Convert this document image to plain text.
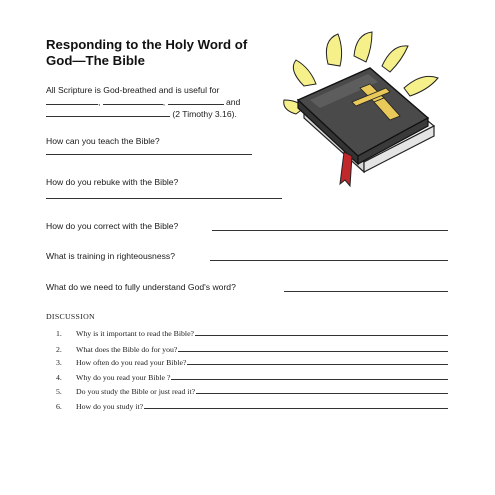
Responding to the Holy Word of God—The Bible
All Scripture is God-breathed and is useful for
,	,	and
(2 Timothy 3.16).
How can you teach the Bible?
How do you rebuke with the Bible?
How do you correct with the Bible?
What is training in righteousness?
What do we need to fully understand God's word?
DISCUSSION
1.	Why is it important to read the Bible?
2.	What does the Bible do for you?
3.	How often do you read your Bible?
4.	Why do you read your Bible ?
5.	Do you study the Bible or just read it?
6.	How do you study it?
